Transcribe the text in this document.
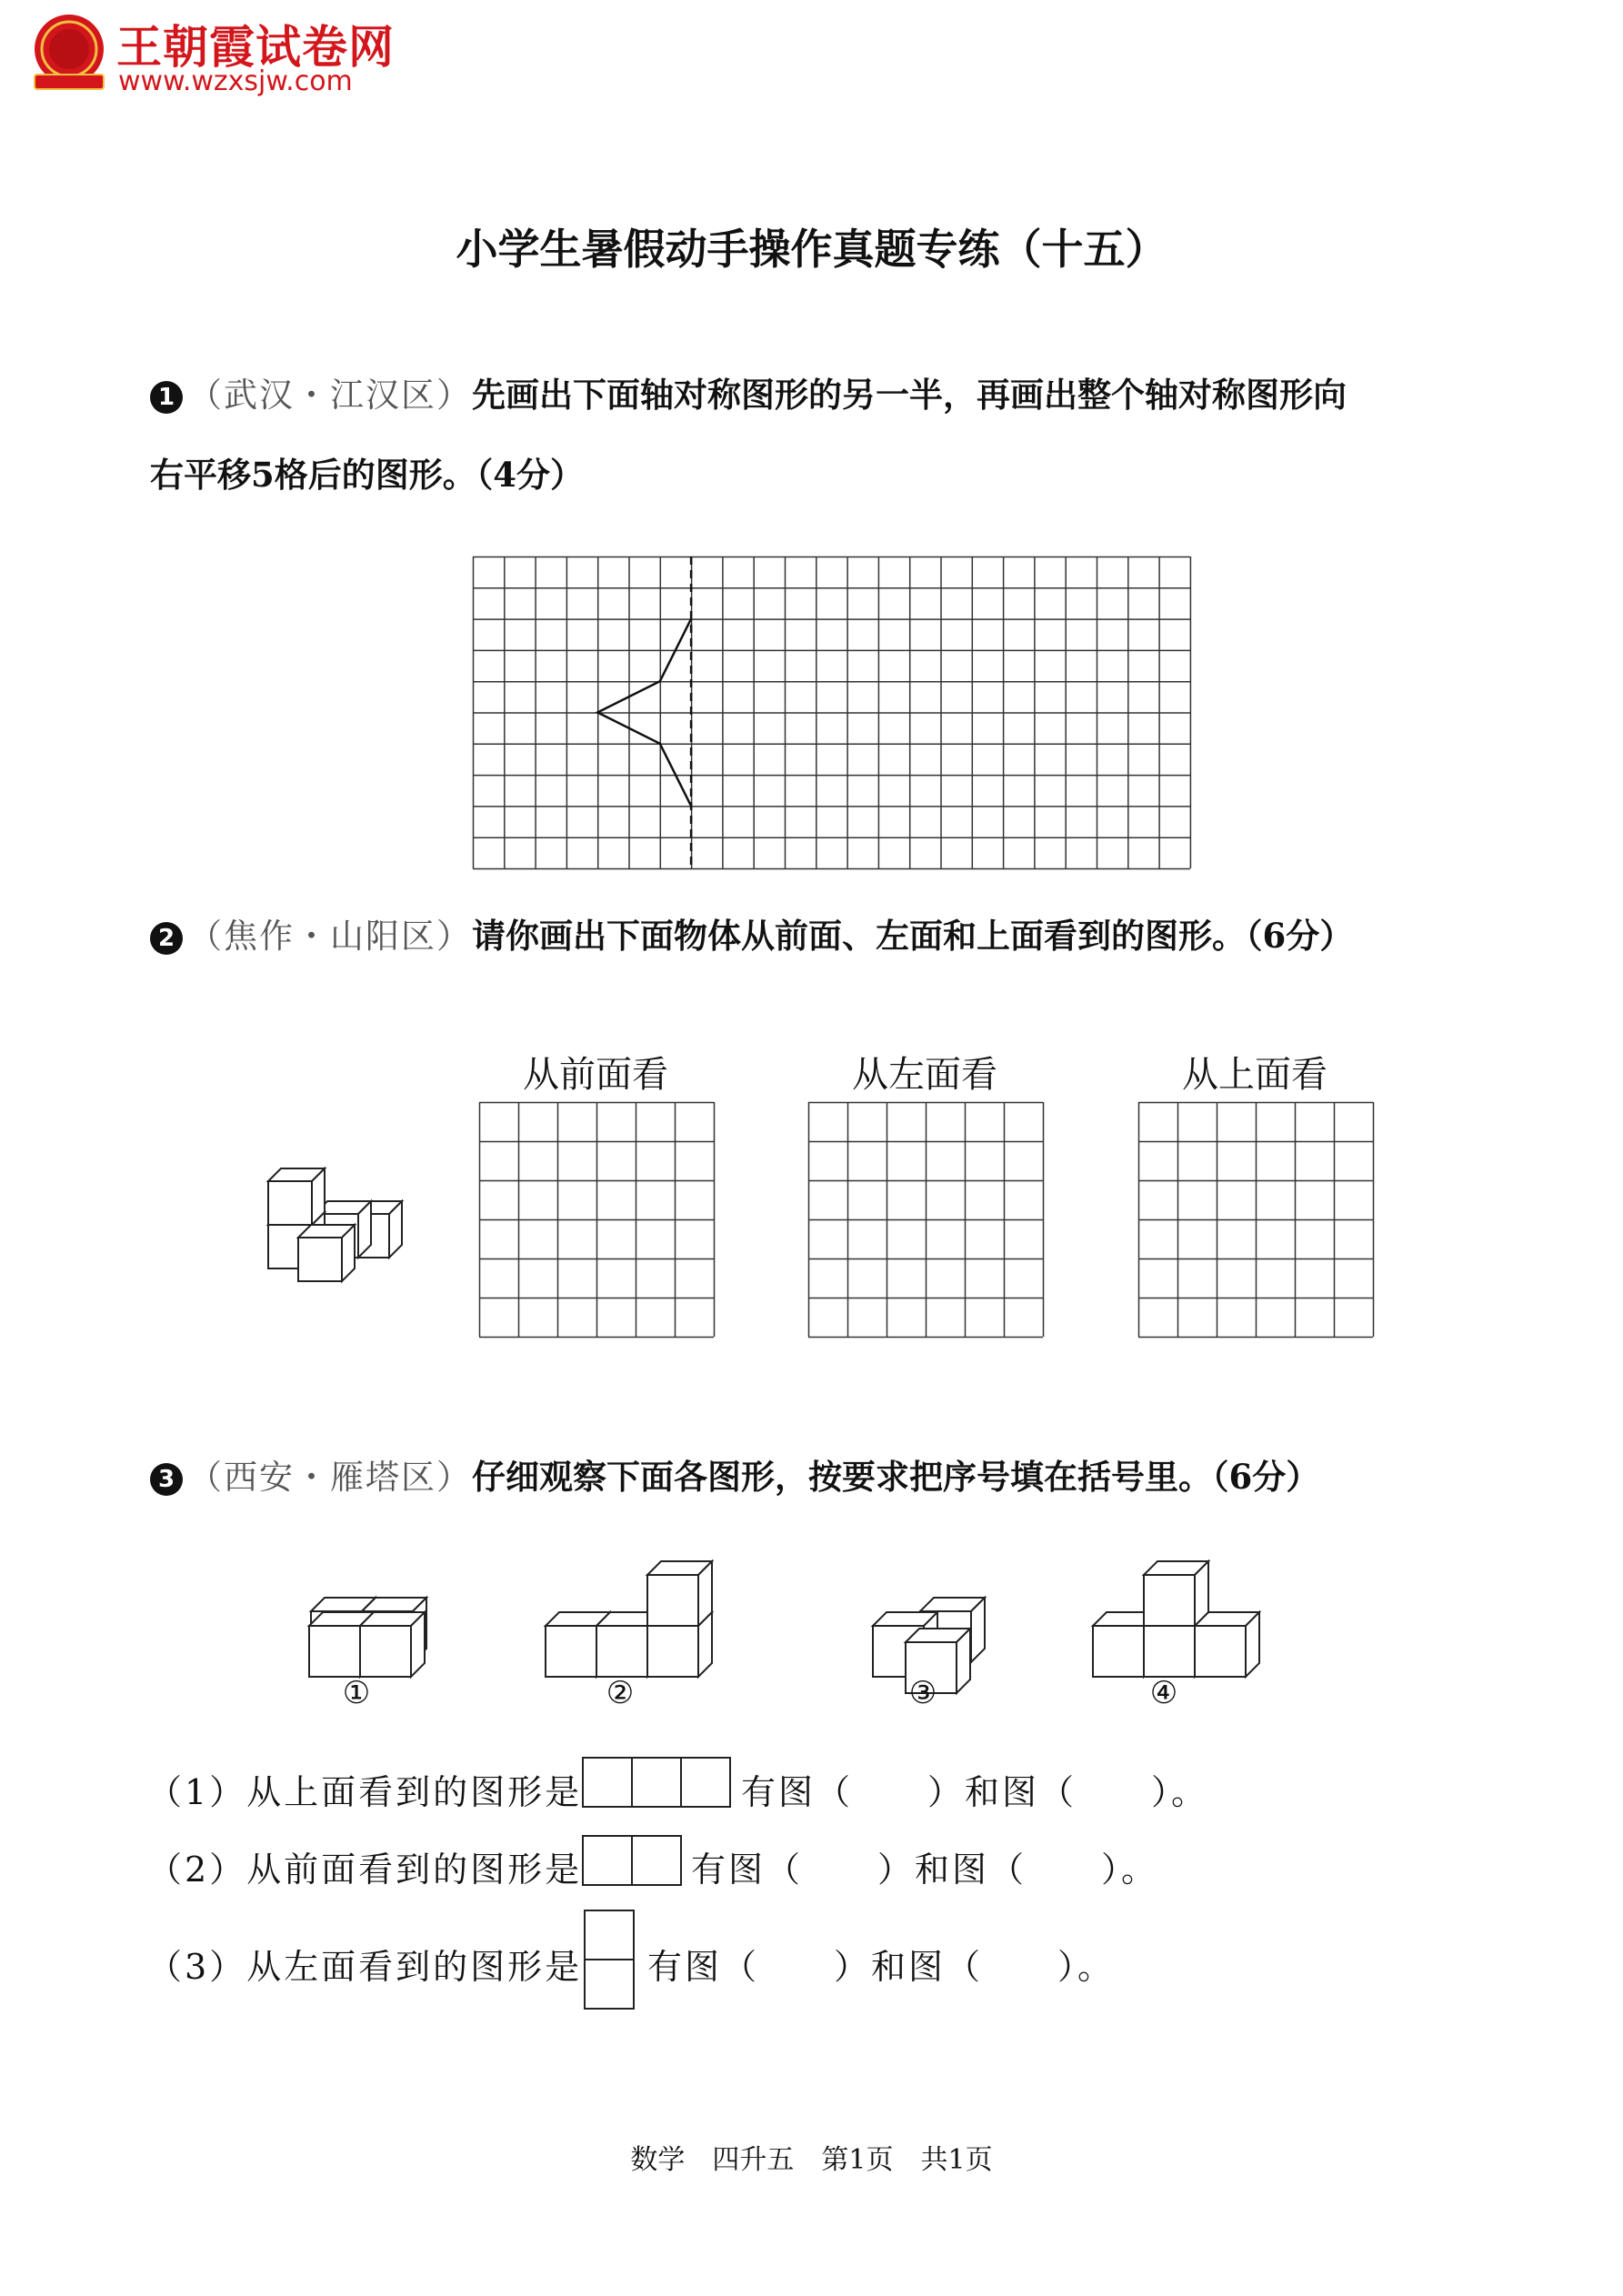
王朝霞试卷网
www.wzxsjw.com
小学生暑假动手操作真题专练（十五）
1 （武汉・江汉区）先画出下面轴对称图形的另一半，再画出整个轴对称图形向
右平移5格后的图形。（4分）
2 （焦作・山阳区）请你画出下面物体从前面、左面和上面看到的图形。（6分）
从前面看	从左面看	从上面看
3 （西安・雁塔区）仔细观察下面各图形，按要求把序号填在括号里。（6分）
①	②	③	④
（1）从上面看到的图形是	有图（　　）和图（　　）。
（2）从前面看到的图形是	有图（　　）和图（　　）。
（3）从左面看到的图形是 有图（　　）和图（　　）。
数学　四升五　第1页　共1页
